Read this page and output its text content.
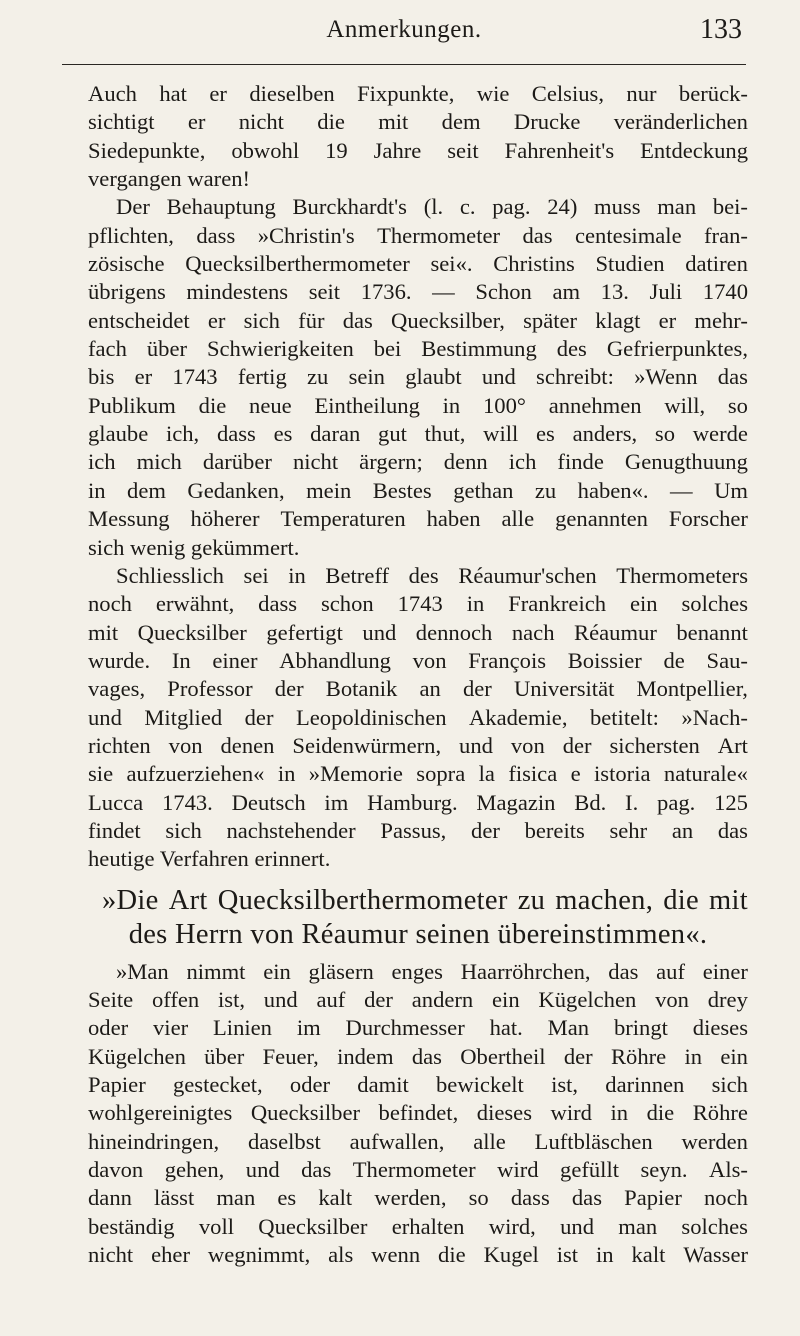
Anmerkungen.	133
Auch hat er dieselben Fixpunkte, wie Celsius, nur berück-
sichtigt er nicht die mit dem Drucke veränderlichen
Siedepunkte, obwohl 19 Jahre seit Fahrenheit's Entdeckung
vergangen waren!
Der Behauptung Burckhardt's (l. c. pag. 24) muss man bei-
pflichten, dass »Christin's Thermometer das centesimale fran-
zösische Quecksilberthermometer sei«. Christins Studien datiren
übrigens mindestens seit 1736. — Schon am 13. Juli 1740
entscheidet er sich für das Quecksilber, später klagt er mehr-
fach über Schwierigkeiten bei Bestimmung des Gefrierpunktes,
bis er 1743 fertig zu sein glaubt und schreibt: »Wenn das
Publikum die neue Eintheilung in 100° annehmen will, so
glaube ich, dass es daran gut thut, will es anders, so werde
ich mich darüber nicht ärgern; denn ich finde Genugthuung
in dem Gedanken, mein Bestes gethan zu haben«. — Um
Messung höherer Temperaturen haben alle genannten Forscher
sich wenig gekümmert.
Schliesslich sei in Betreff des Réaumur'schen Thermometers
noch erwähnt, dass schon 1743 in Frankreich ein solches
mit Quecksilber gefertigt und dennoch nach Réaumur benannt
wurde. In einer Abhandlung von François Boissier de Sau-
vages, Professor der Botanik an der Universität Montpellier,
und Mitglied der Leopoldinischen Akademie, betitelt: »Nach-
richten von denen Seidenwürmern, und von der sichersten Art
sie aufzuerziehen« in »Memorie sopra la fisica e istoria naturale«
Lucca 1743. Deutsch im Hamburg. Magazin Bd. I. pag. 125
findet sich nachstehender Passus, der bereits sehr an das
heutige Verfahren erinnert.
»Die Art Quecksilberthermometer zu machen, die mit
des Herrn von Réaumur seinen übereinstimmen«.
»Man nimmt ein gläsern enges Haarröhrchen, das auf einer
Seite offen ist, und auf der andern ein Kügelchen von drey
oder vier Linien im Durchmesser hat. Man bringt dieses
Kügelchen über Feuer, indem das Obertheil der Röhre in ein
Papier gestecket, oder damit bewickelt ist, darinnen sich
wohlgereinigtes Quecksilber befindet, dieses wird in die Röhre
hineindringen, daselbst aufwallen, alle Luftbläschen werden
davon gehen, und das Thermometer wird gefüllt seyn. Als-
dann lässt man es kalt werden, so dass das Papier noch
beständig voll Quecksilber erhalten wird, und man solches
nicht eher wegnimmt, als wenn die Kugel ist in kalt Wasser
